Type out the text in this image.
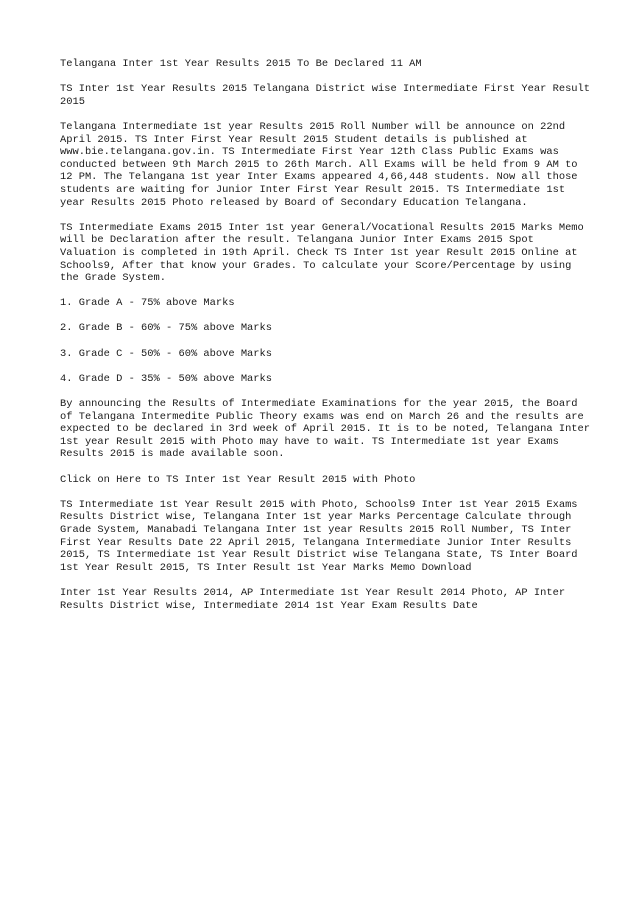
Telangana Inter 1st Year Results 2015 To Be Declared 11 AM

TS Inter 1st Year Results 2015 Telangana District wise Intermediate First Year Result 2015

Telangana Intermediate 1st year Results 2015 Roll Number will be announce on 22nd April 2015. TS Inter First Year Result 2015 Student details is published at www.bie.telangana.gov.in. TS Intermediate First Year 12th Class Public Exams was conducted between 9th March 2015 to 26th March. All Exams will be held from 9 AM to 12 PM. The Telangana 1st year Inter Exams appeared 4,66,448 students. Now all those students are waiting for Junior Inter First Year Result 2015. TS Intermediate 1st year Results 2015 Photo released by Board of Secondary Education Telangana.

TS Intermediate Exams 2015 Inter 1st year General/Vocational Results 2015 Marks Memo will be Declaration after the result. Telangana Junior Inter Exams 2015 Spot Valuation is completed in 19th April. Check TS Inter 1st year Result 2015 Online at Schools9, After that know your Grades. To calculate your Score/Percentage by using the Grade System.

1. Grade A - 75% above Marks

2. Grade B - 60% - 75% above Marks

3. Grade C - 50% - 60% above Marks

4. Grade D - 35% - 50% above Marks

By announcing the Results of Intermediate Examinations for the year 2015, the Board of Telangana Intermedite Public Theory exams was end on March 26 and the results are expected to be declared in 3rd week of April 2015. It is to be noted, Telangana Inter 1st year Result 2015 with Photo may have to wait. TS Intermediate 1st year Exams Results 2015 is made available soon.

Click on Here to TS Inter 1st Year Result 2015 with Photo

TS Intermediate 1st Year Result 2015 with Photo, Schools9 Inter 1st Year 2015 Exams Results District wise, Telangana Inter 1st year Marks Percentage Calculate through Grade System, Manabadi Telangana Inter 1st year Results 2015 Roll Number, TS Inter First Year Results Date 22 April 2015, Telangana Intermediate Junior Inter Results 2015, TS Intermediate 1st Year Result District wise Telangana State, TS Inter Board 1st Year Result 2015, TS Inter Result 1st Year Marks Memo Download

Inter 1st Year Results 2014, AP Intermediate 1st Year Result 2014 Photo, AP Inter Results District wise, Intermediate 2014 1st Year Exam Results Date
